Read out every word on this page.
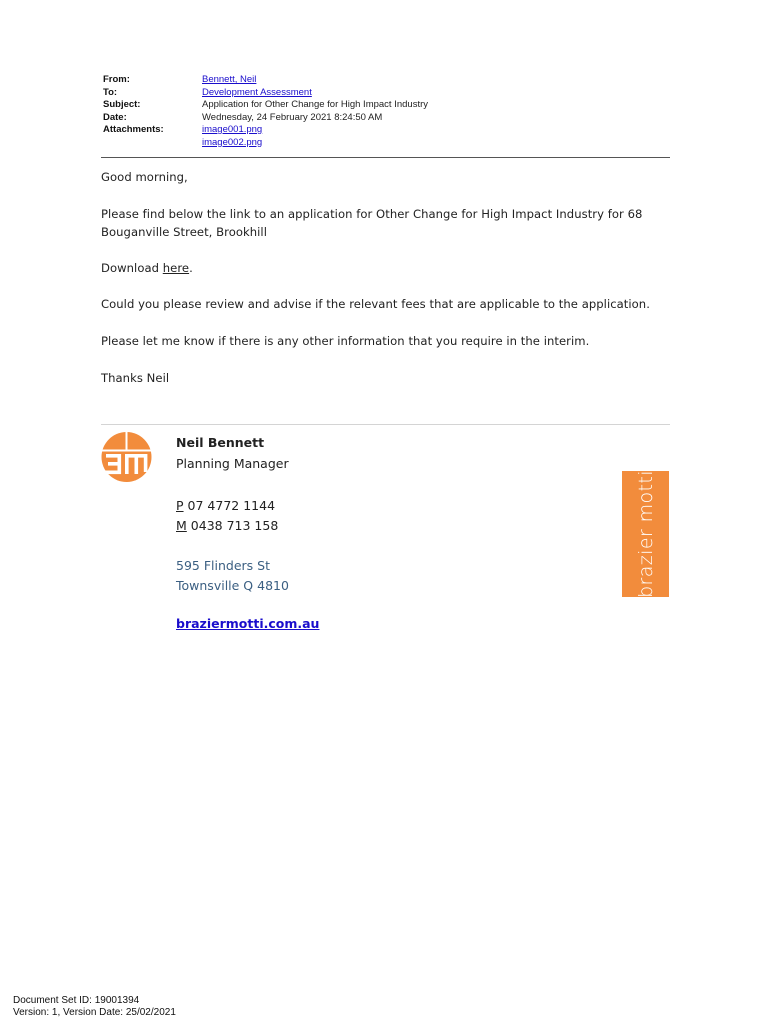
From:	Bennett, Neil
To:	Development Assessment
Subject:	Application for Other Change for High Impact Industry
Date:	Wednesday, 24 February 2021 8:24:50 AM
Attachments:	image001.png
image002.png
Good morning,
Please find below the link to an application for Other Change for High Impact Industry for 68 Bouganville Street, Brookhill
Download here.
Could you please review and advise if the relevant fees that are applicable to the application.
Please let me know if there is any other information that you require in the interim.
Thanks Neil
Neil Bennett
Planning Manager
P 07 4772 1144
M 0438 713 158
595 Flinders St
Townsville Q 4810
braziermotti.com.au
brazier motti
Document Set ID: 19001394
Version: 1, Version Date: 25/02/2021
